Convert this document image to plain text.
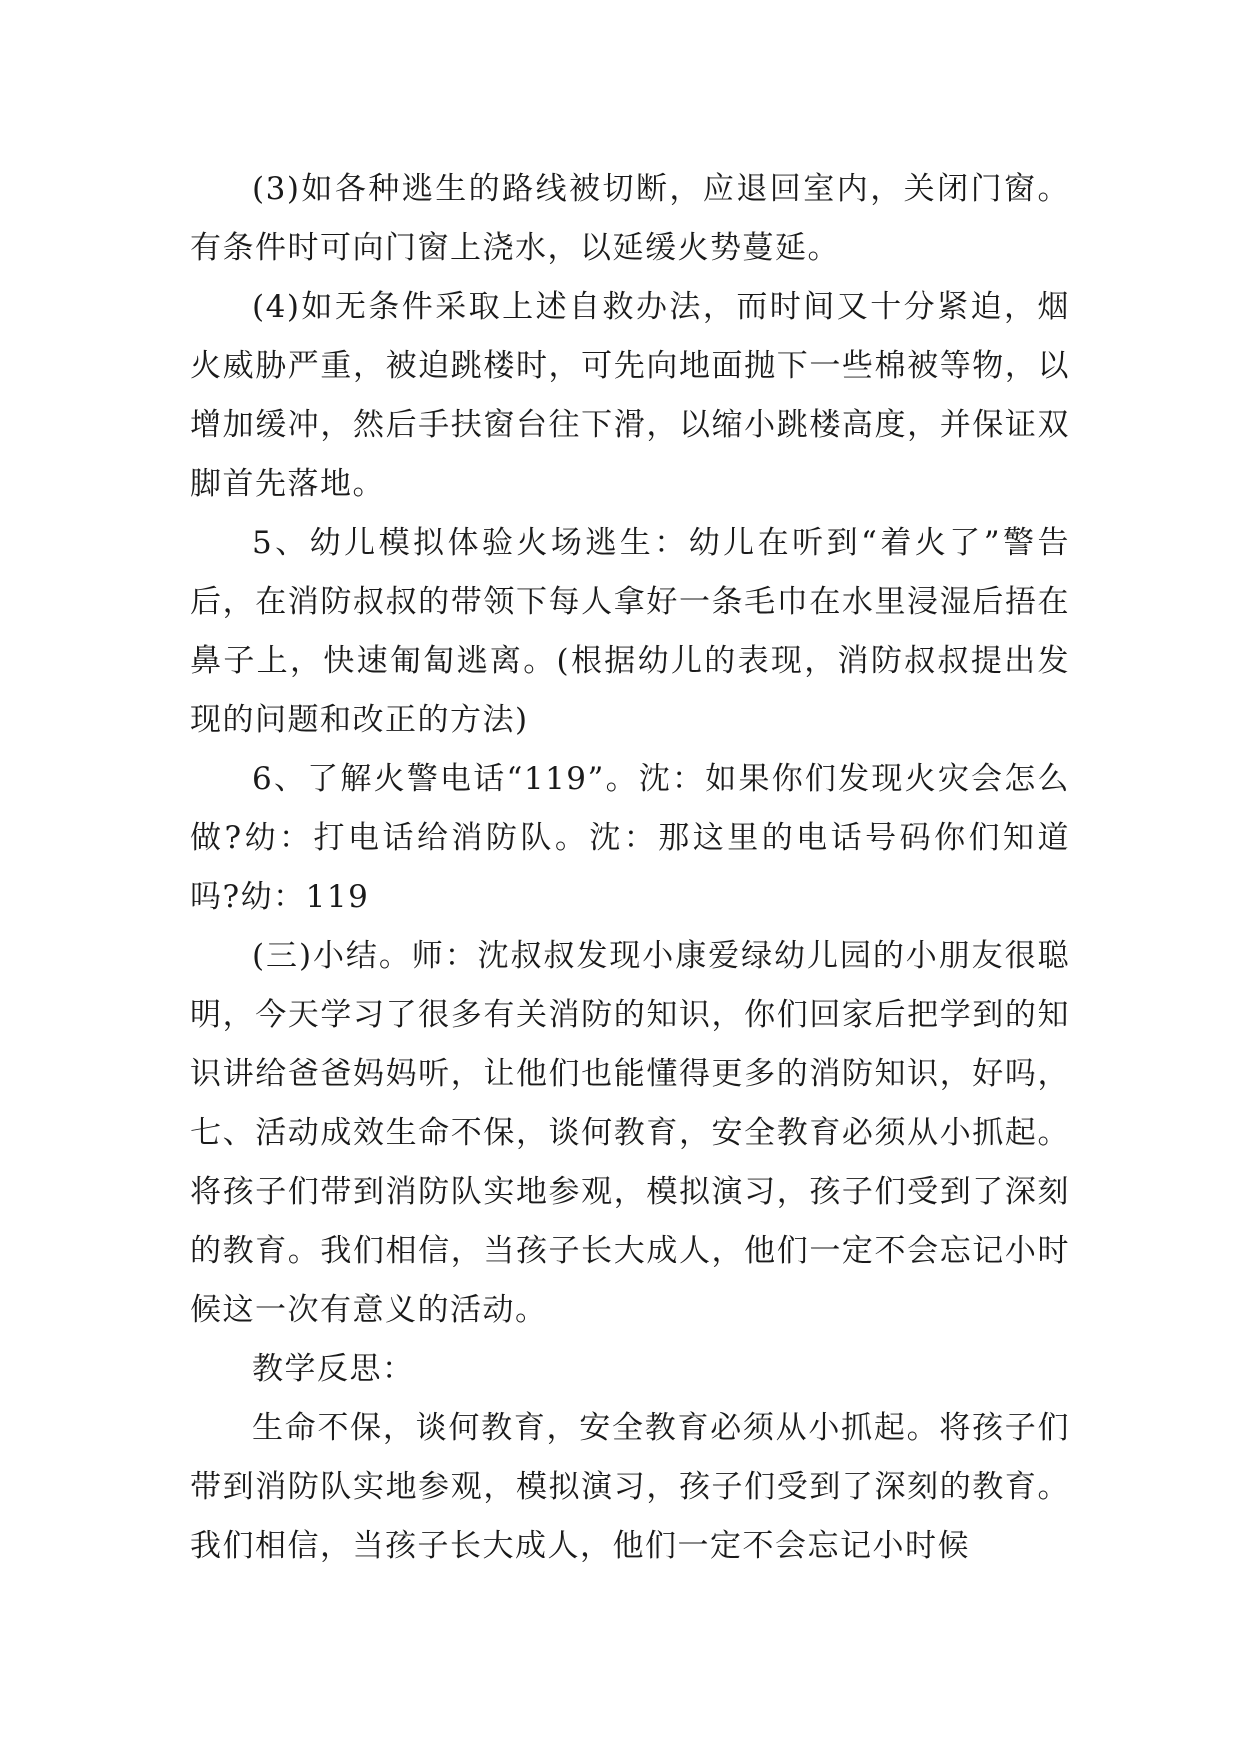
(3)如各种逃生的路线被切断，应退回室内，关闭门窗。有条件时可向门窗上浇水，以延缓火势蔓延。

(4)如无条件采取上述自救办法，而时间又十分紧迫，烟火威胁严重，被迫跳楼时，可先向地面抛下一些棉被等物，以增加缓冲，然后手扶窗台往下滑，以缩小跳楼高度，并保证双脚首先落地。

5、幼儿模拟体验火场逃生：幼儿在听到“着火了”警告后，在消防叔叔的带领下每人拿好一条毛巾在水里浸湿后捂在鼻子上，快速匍匐逃离。(根据幼儿的表现，消防叔叔提出发现的问题和改正的方法)

6、了解火警电话“119”。沈：如果你们发现火灾会怎么做?幼：打电话给消防队。沈：那这里的电话号码你们知道吗?幼：119

(三)小结。师：沈叔叔发现小康爱绿幼儿园的小朋友很聪明，今天学习了很多有关消防的知识，你们回家后把学到的知识讲给爸爸妈妈听，让他们也能懂得更多的消防知识，好吗，七、活动成效生命不保，谈何教育，安全教育必须从小抓起。将孩子们带到消防队实地参观，模拟演习，孩子们受到了深刻的教育。我们相信，当孩子长大成人，他们一定不会忘记小时候这一次有意义的活动。

教学反思：

生命不保，谈何教育，安全教育必须从小抓起。将孩子们带到消防队实地参观，模拟演习，孩子们受到了深刻的教育。我们相信，当孩子长大成人，他们一定不会忘记小时候
